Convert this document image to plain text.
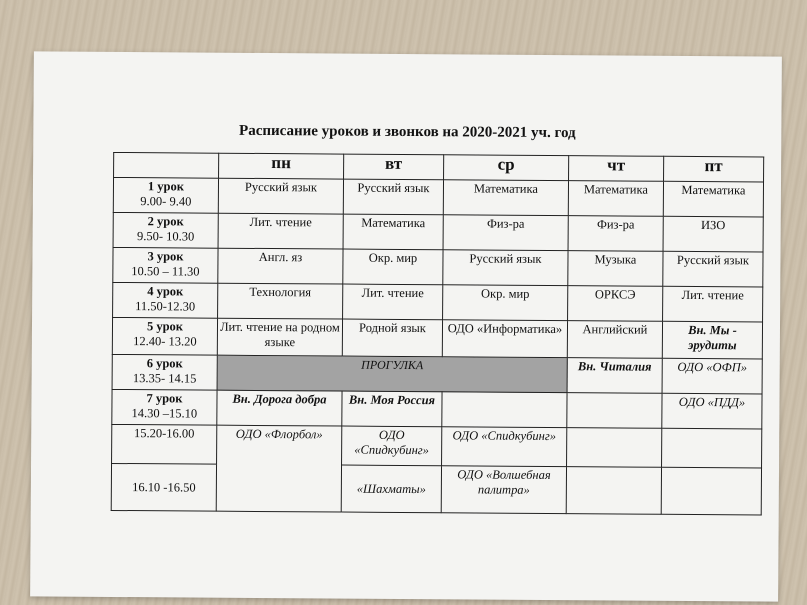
Расписание уроков и звонков на 2020-2021 уч. год
	пн	вт	ср	чт	пт
1 урок
9.00- 9.40	Русский язык	Русский язык	Математика	Математика	Математика
2 урок
9.50- 10.30	Лит. чтение	Математика	Физ-ра	Физ-ра	ИЗО
3 урок
10.50 – 11.30	Англ. яз	Окр. мир	Русский язык	Музыка	Русский язык
4 урок
11.50-12.30	Технология	Лит. чтение	Окр. мир	ОРКСЭ	Лит. чтение
5 урок
12.40- 13.20	Лит. чтение на родном языке	Родной язык	ОДО «Информатика»	Английский	Вн. Мы - эрудиты
6 урок
13.35- 14.15	ПРОГУЛКА			Вн. Читалия	ОДО «ОФП»
7 урок
14.30 –15.10	Вн. Дорога добра	Вн. Моя Россия			ОДО «ПДД»
15.20-16.00	ОДО «Флорбол»	ОДО «Спидкубинг»	ОДО «Спидкубинг»		
16.10 -16.50		«Шахматы»	ОДО «Волшебная палитра»		
